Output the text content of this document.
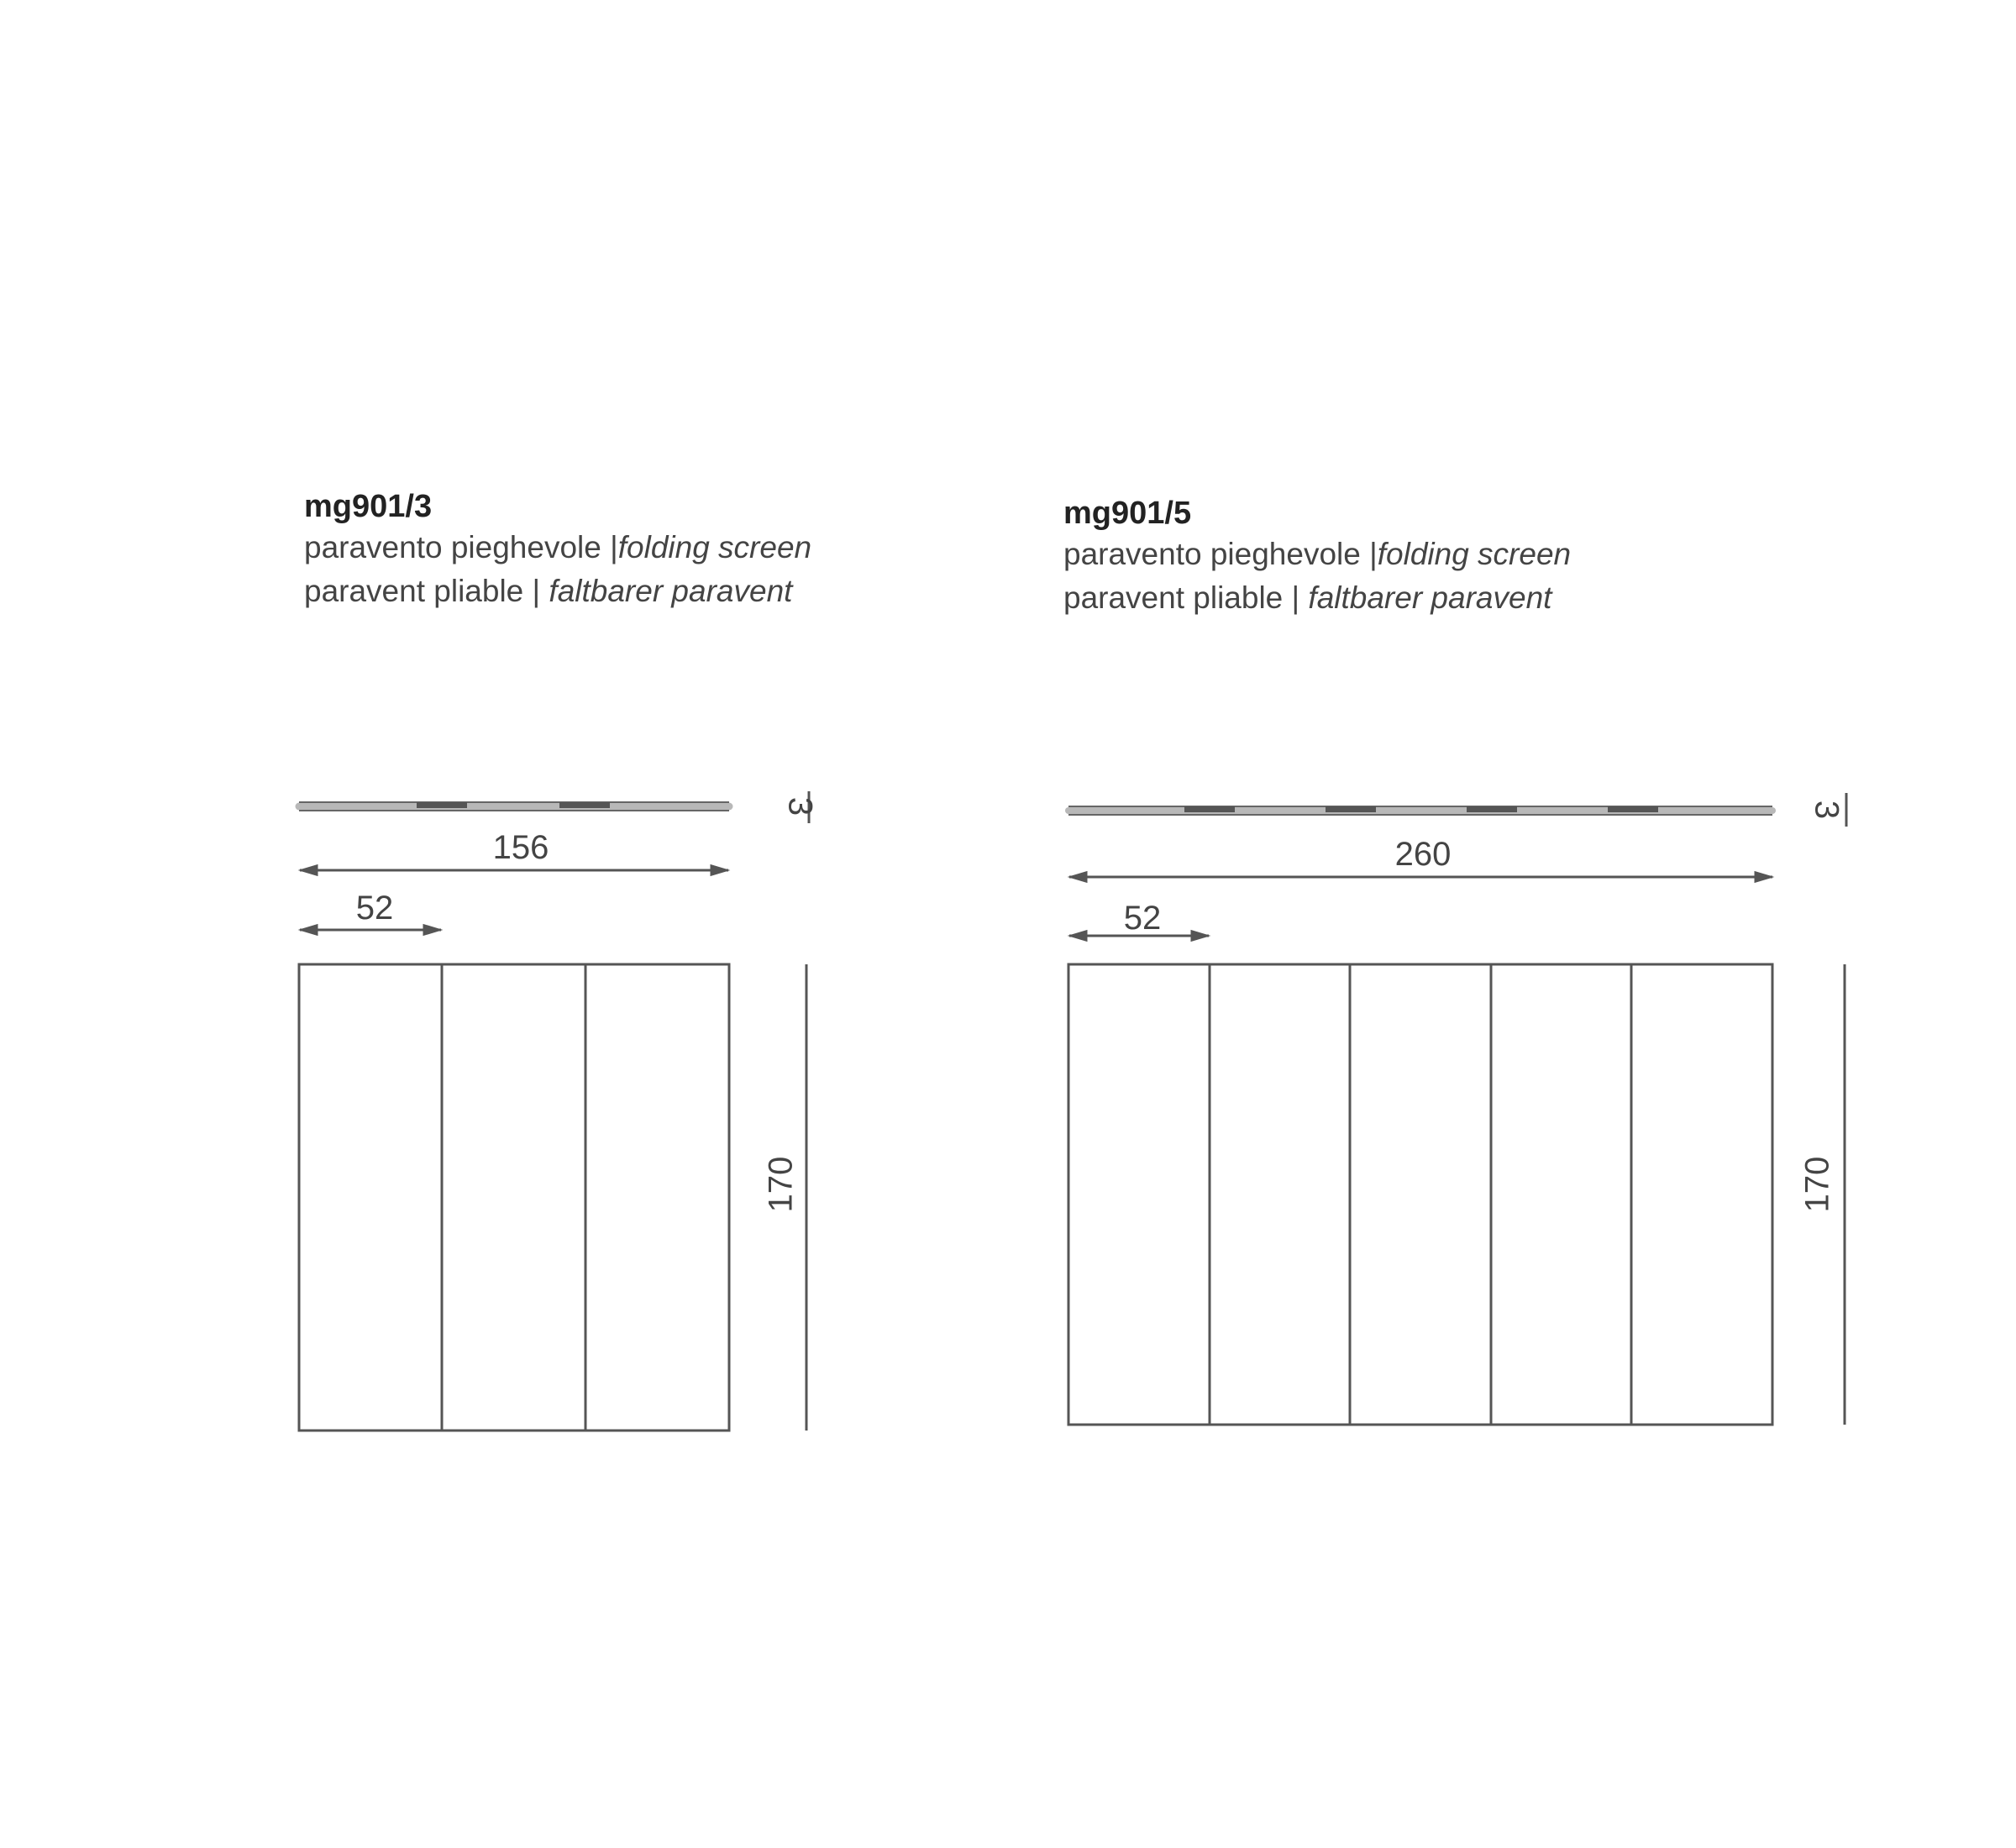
mg901/3
paravento pieghevole |folding screen
paravent pliable | faltbarer paravent
mg901/5
paravento pieghevole |folding screen
paravent pliable | faltbarer paravent
3
156
52
170
3
260
52
170
